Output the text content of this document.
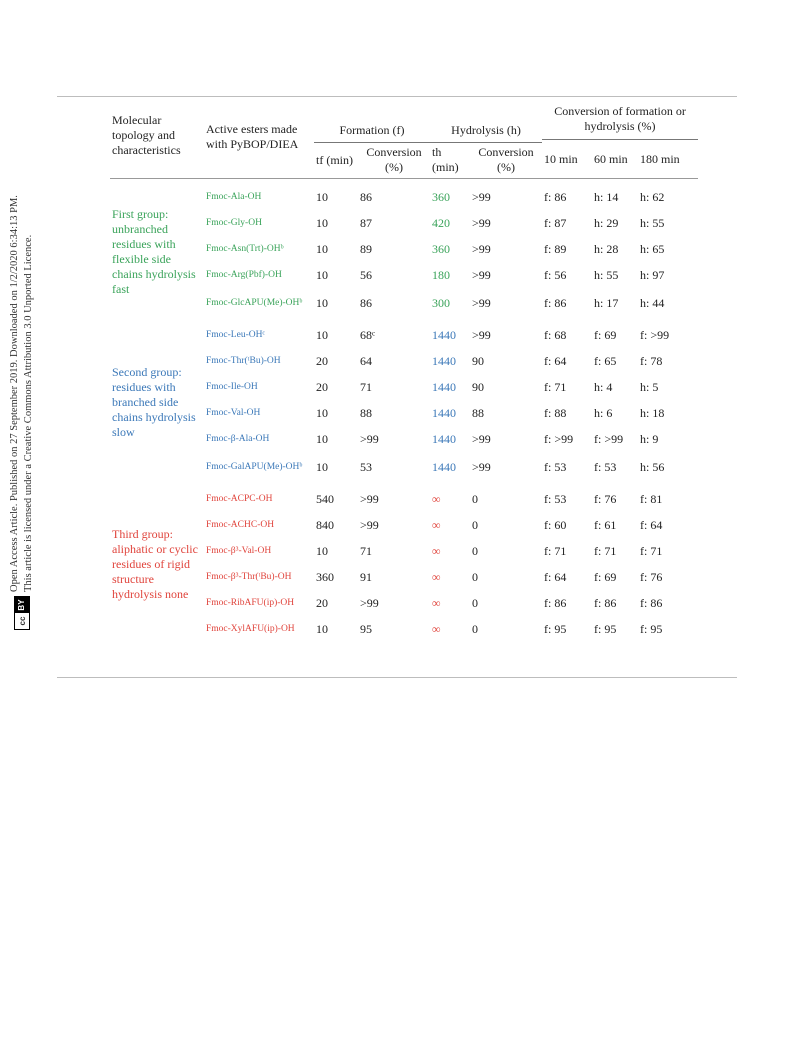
cc
BY
Open Access Article. Published on 27 September 2019. Downloaded on 1/2/2020 6:34:13 PM. This article is licensed under a Creative Commons Attribution 3.0 Unported Licence.
Molecular topology and characteristics	Active esters made with PyBOP/DIEA	Formation (f)		Hydrolysis (h)		Conversion of formation or hydrolysis (%)		

		tf (min)	Conversion (%)	th (min)	Conversion (%)	10 min	60 min	180 min

First group: unbranched residues with flexible side chains hydrolysis fast	Fmoc-Ala-OH	10	86	360	>99	f: 86	h: 14	h: 62
	Fmoc-Gly-OH	10	87	420	>99	f: 87	h: 29	h: 55
	Fmoc-Asn(Trt)-OHᵇ	10	89	360	>99	f: 89	h: 28	h: 65
	Fmoc-Arg(Pbf)-OH	10	56	180	>99	f: 56	h: 55	h: 97
	Fmoc-GlcAPU(Me)-OHᵇ	10	86	300	>99	f: 86	h: 17	h: 44

Second group: residues with branched side chains hydrolysis slow	Fmoc-Leu-OHᶜ	10	68ᶜ	1440	>99	f: 68	f: 69	f: >99
	Fmoc-Thr(ᵗBu)-OH	20	64	1440	90	f: 64	f: 65	f: 78
	Fmoc-Ile-OH	20	71	1440	90	f: 71	h: 4	h: 5
	Fmoc-Val-OH	10	88	1440	88	f: 88	h: 6	h: 18
	Fmoc-β-Ala-OH	10	>99	1440	>99	f: >99	f: >99	h: 9
	Fmoc-GalAPU(Me)-OHᵇ	10	53	1440	>99	f: 53	f: 53	h: 56

Third group: aliphatic or cyclic residues of rigid structure hydrolysis none	Fmoc-ACPC-OH	540	>99	∞	0	f: 53	f: 76	f: 81
	Fmoc-ACHC-OH	840	>99	∞	0	f: 60	f: 61	f: 64
	Fmoc-β³-Val-OH	10	71	∞	0	f: 71	f: 71	f: 71
	Fmoc-β³-Thr(ᵗBu)-OH	360	91	∞	0	f: 64	f: 69	f: 76
	Fmoc-RibAFU(ip)-OH	20	>99	∞	0	f: 86	f: 86	f: 86
	Fmoc-XylAFU(ip)-OH	10	95	∞	0	f: 95	f: 95	f: 95
